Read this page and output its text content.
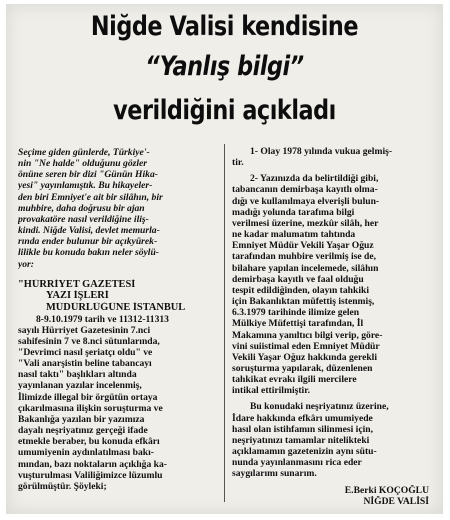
Niğde Valisi kendisine
“Yanlış bilgi”
verildiğini açıkladı
Seçime giden günlerde, Türkiye'-
nin "Ne halde" olduğunu gözler
önüne seren bir dizi "Günün Hika-
yesi" yayınlamıştık. Bu hikayeler-
den biri Emniyet'e ait bir silâhın, bir
muhbire, daha doğrusu bir ajan
provakatöre nasıl verildiğine iliş-
kindi. Niğde Valisi, devlet memurla-
rında ender bulunur bir açıkyürek-
lilikle bu konuda bakın neler söylü-
yor:
"HÜRRİYET GAZETESİ
YAZI İŞLERİ
MÜDÜRLÜĞÜNE İSTANBUL
8-9.10.1979 tarih ve 11312-11313
sayılı Hürriyet Gazetesinin 7.nci
sahifesinin 7 ve 8.nci sütunlarında,
"Devrimci nasıl şeriatçı oldu" ve
"Vali anarşistin beline tabancayı
nasıl taktı" başlıkları altında
yayınlanan yazılar incelenmiş,
İlimizde illegal bir örgütün ortaya
çıkarılmasına ilişkin soruşturma ve
Bakanlığa yazılan bir yazımıza
dayalı neşriyatınız gerçeği ifade
etmekle beraber, bu konuda efkârı
umumiyenin aydınlatılması bakı-
mından, bazı noktaların açıklığa ka-
vuşturulması Valiliğimizce lüzumlu
görülmüştür. Şöyleki;
1- Olay 1978 yılında vukua gelmiş-
tir.
2- Yazınızda da belirtildiği gibi,
tabancanın demirbaşa kayıtlı olma-
dığı ve kullanılmaya elverişli bulun-
madığı yolunda tarafıma bilgi
verilmesi üzerine, mezkûr silâh, her
ne kadar malumatım tahtında
Emniyet Müdür Vekili Yaşar Oğuz
tarafından muhbire verilmiş ise de,
bilahare yapılan incelemede, silâhın
demirbaşa kayıtlı ve faal olduğu
tespit edildiğinden, olayın tahkiki
için Bakanlıktan müfettiş istenmiş,
6.3.1979 tarihinde ilimize gelen
Mülkiye Müfettişi tarafından, İl
Makamına yanıltıcı bilgi verip, göre-
vini suiistimal eden Emniyet Müdür
Vekili Yaşar Oğuz hakkında gerekli
soruşturma yapılarak, düzenlenen
tahkikat evrakı ilgili mercilere
intikal ettirilmiştir.
Bu konudaki neşriyatınız üzerine,
İdare hakkında efkârı umumiyede
hasıl olan istihfamın silinmesi için,
neşriyatınızı tamamlar nitelikteki
açıklamamın gazetenizin aynı sütu-
nunda yayınlanmasını rica eder
saygılarımı sunarım.
E.Berki KOÇOĞLU
NİĞDE VALİSİ
